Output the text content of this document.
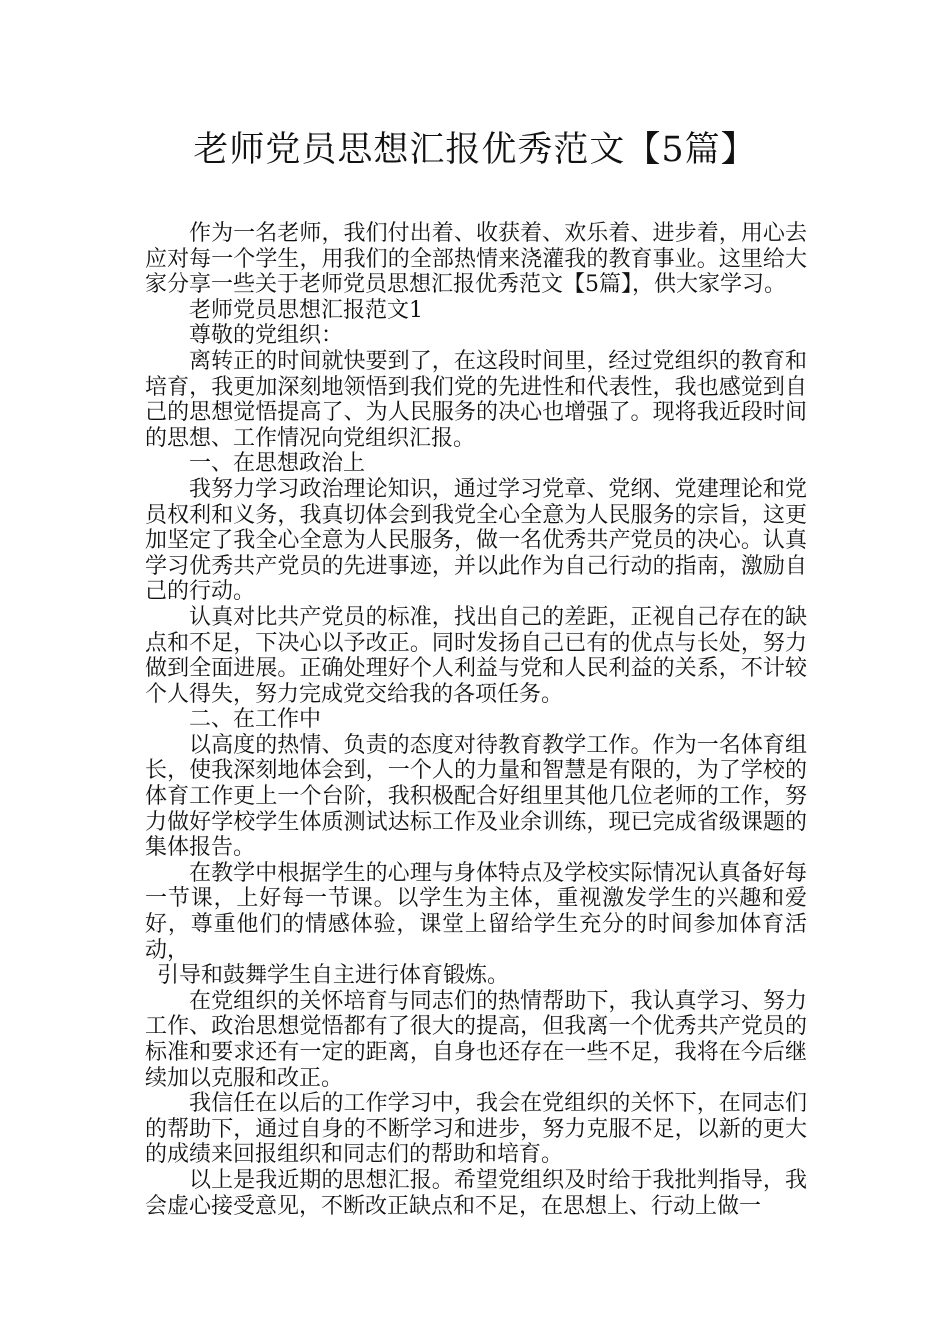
老师党员思想汇报优秀范文【5篇】

作为一名老师，我们付出着、收获着、欢乐着、进步着，用心去应对每一个学生，用我们的全部热情来浇灌我的教育事业。这里给大家分享一些关于老师党员思想汇报优秀范文【5篇】，供大家学习。

老师党员思想汇报范文1

尊敬的党组织：

离转正的时间就快要到了，在这段时间里，经过党组织的教育和培育，我更加深刻地领悟到我们党的先进性和代表性，我也感觉到自己的思想觉悟提高了、为人民服务的决心也增强了。现将我近段时间的思想、工作情况向党组织汇报。

一、在思想政治上

我努力学习政治理论知识，通过学习党章、党纲、党建理论和党员权利和义务，我真切体会到我党全心全意为人民服务的宗旨，这更加坚定了我全心全意为人民服务，做一名优秀共产党员的决心。认真学习优秀共产党员的先进事迹，并以此作为自己行动的指南，激励自己的行动。

认真对比共产党员的标准，找出自己的差距，正视自己存在的缺点和不足，下决心以予改正。同时发扬自己已有的优点与长处，努力做到全面进展。正确处理好个人利益与党和人民利益的关系，不计较个人得失，努力完成党交给我的各项任务。

二、在工作中

以高度的热情、负责的态度对待教育教学工作。作为一名体育组长，使我深刻地体会到，一个人的力量和智慧是有限的，为了学校的体育工作更上一个台阶，我积极配合好组里其他几位老师的工作，努力做好学校学生体质测试达标工作及业余训练，现已完成省级课题的集体报告。

在教学中根据学生的心理与身体特点及学校实际情况认真备好每一节课，上好每一节课。以学生为主体，重视激发学生的兴趣和爱好，尊重他们的情感体验，课堂上留给学生充分的时间参加体育活动，

引导和鼓舞学生自主进行体育锻炼。

在党组织的关怀培育与同志们的热情帮助下，我认真学习、努力工作、政治思想觉悟都有了很大的提高，但我离一个优秀共产党员的标准和要求还有一定的距离，自身也还存在一些不足，我将在今后继续加以克服和改正。

我信任在以后的工作学习中，我会在党组织的关怀下，在同志们的帮助下，通过自身的不断学习和进步，努力克服不足，以新的更大的成绩来回报组织和同志们的帮助和培育。

以上是我近期的思想汇报。希望党组织及时给于我批判指导，我会虚心接受意见，不断改正缺点和不足，在思想上、行动上做一
